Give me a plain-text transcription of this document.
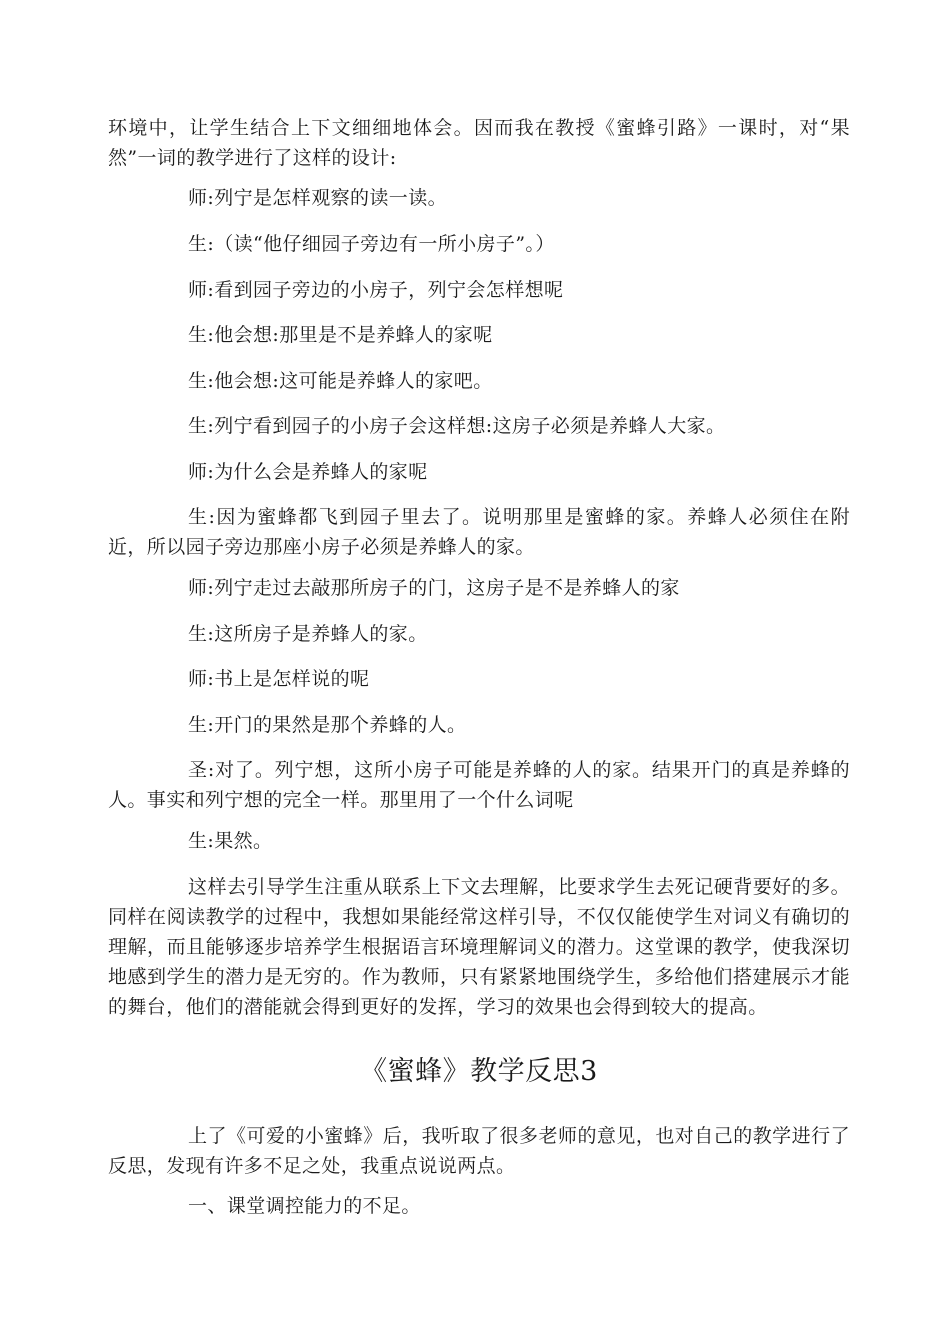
环境中，让学生结合上下文细细地体会。因而我在教授《蜜蜂引路》一课时，对“果然”一词的教学进行了这样的设计:

师:列宁是怎样观察的读一读。

生:（读“他仔细园子旁边有一所小房子”。）

师:看到园子旁边的小房子，列宁会怎样想呢

生:他会想:那里是不是养蜂人的家呢

生:他会想:这可能是养蜂人的家吧。

生:列宁看到园子的小房子会这样想:这房子必须是养蜂人大家。

师:为什么会是养蜂人的家呢

生:因为蜜蜂都飞到园子里去了。说明那里是蜜蜂的家。养蜂人必须住在附近，所以园子旁边那座小房子必须是养蜂人的家。

师:列宁走过去敲那所房子的门，这房子是不是养蜂人的家

生:这所房子是养蜂人的家。

师:书上是怎样说的呢

生:开门的果然是那个养蜂的人。

圣:对了。列宁想，这所小房子可能是养蜂的人的家。结果开门的真是养蜂的人。事实和列宁想的完全一样。那里用了一个什么词呢

生:果然。

这样去引导学生注重从联系上下文去理解，比要求学生去死记硬背要好的多。同样在阅读教学的过程中，我想如果能经常这样引导，不仅仅能使学生对词义有确切的理解，而且能够逐步培养学生根据语言环境理解词义的潜力。这堂课的教学，使我深切地感到学生的潜力是无穷的。作为教师，只有紧紧地围绕学生，多给他们搭建展示才能的舞台，他们的潜能就会得到更好的发挥，学习的效果也会得到较大的提高。

《蜜蜂》教学反思3

上了《可爱的小蜜蜂》后，我听取了很多老师的意见，也对自己的教学进行了反思，发现有许多不足之处，我重点说说两点。

一、课堂调控能力的不足。
